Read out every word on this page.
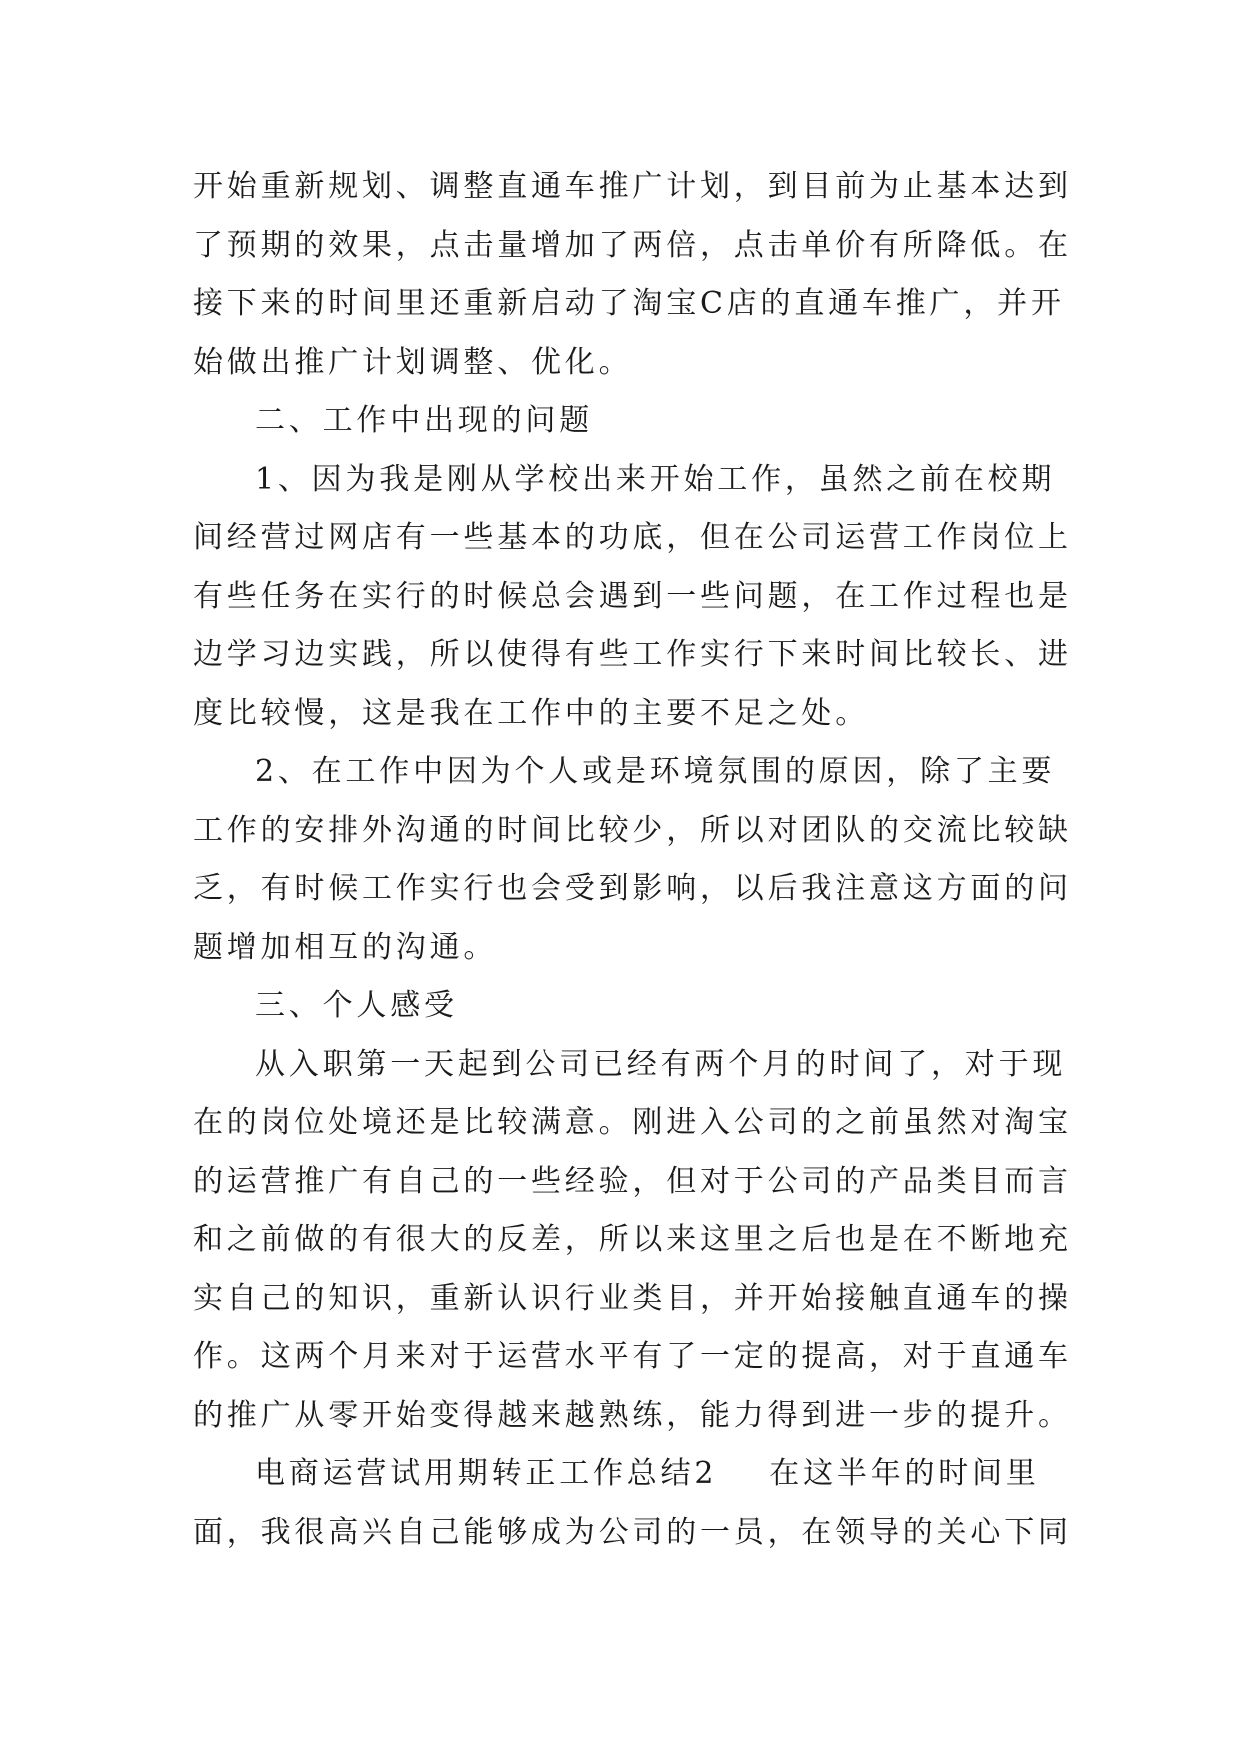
开始重新规划、调整直通车推广计划，到目前为止基本达到
了预期的效果，点击量增加了两倍，点击单价有所降低。在
接下来的时间里还重新启动了淘宝C店的直通车推广，并开
始做出推广计划调整、优化。
二、工作中出现的问题
1、因为我是刚从学校出来开始工作，虽然之前在校期
间经营过网店有一些基本的功底，但在公司运营工作岗位上
有些任务在实行的时候总会遇到一些问题，在工作过程也是
边学习边实践，所以使得有些工作实行下来时间比较长、进
度比较慢，这是我在工作中的主要不足之处。
2、在工作中因为个人或是环境氛围的原因，除了主要
工作的安排外沟通的时间比较少，所以对团队的交流比较缺
乏，有时候工作实行也会受到影响，以后我注意这方面的问
题增加相互的沟通。
三、个人感受
从入职第一天起到公司已经有两个月的时间了，对于现
在的岗位处境还是比较满意。刚进入公司的之前虽然对淘宝
的运营推广有自己的一些经验，但对于公司的产品类目而言
和之前做的有很大的反差，所以来这里之后也是在不断地充
实自己的知识，重新认识行业类目，并开始接触直通车的操
作。这两个月来对于运营水平有了一定的提高，对于直通车
的推广从零开始变得越来越熟练，能力得到进一步的提升。
电商运营试用期转正工作总结2 在这半年的时间里
面，我很高兴自己能够成为公司的一员，在领导的关心下同
